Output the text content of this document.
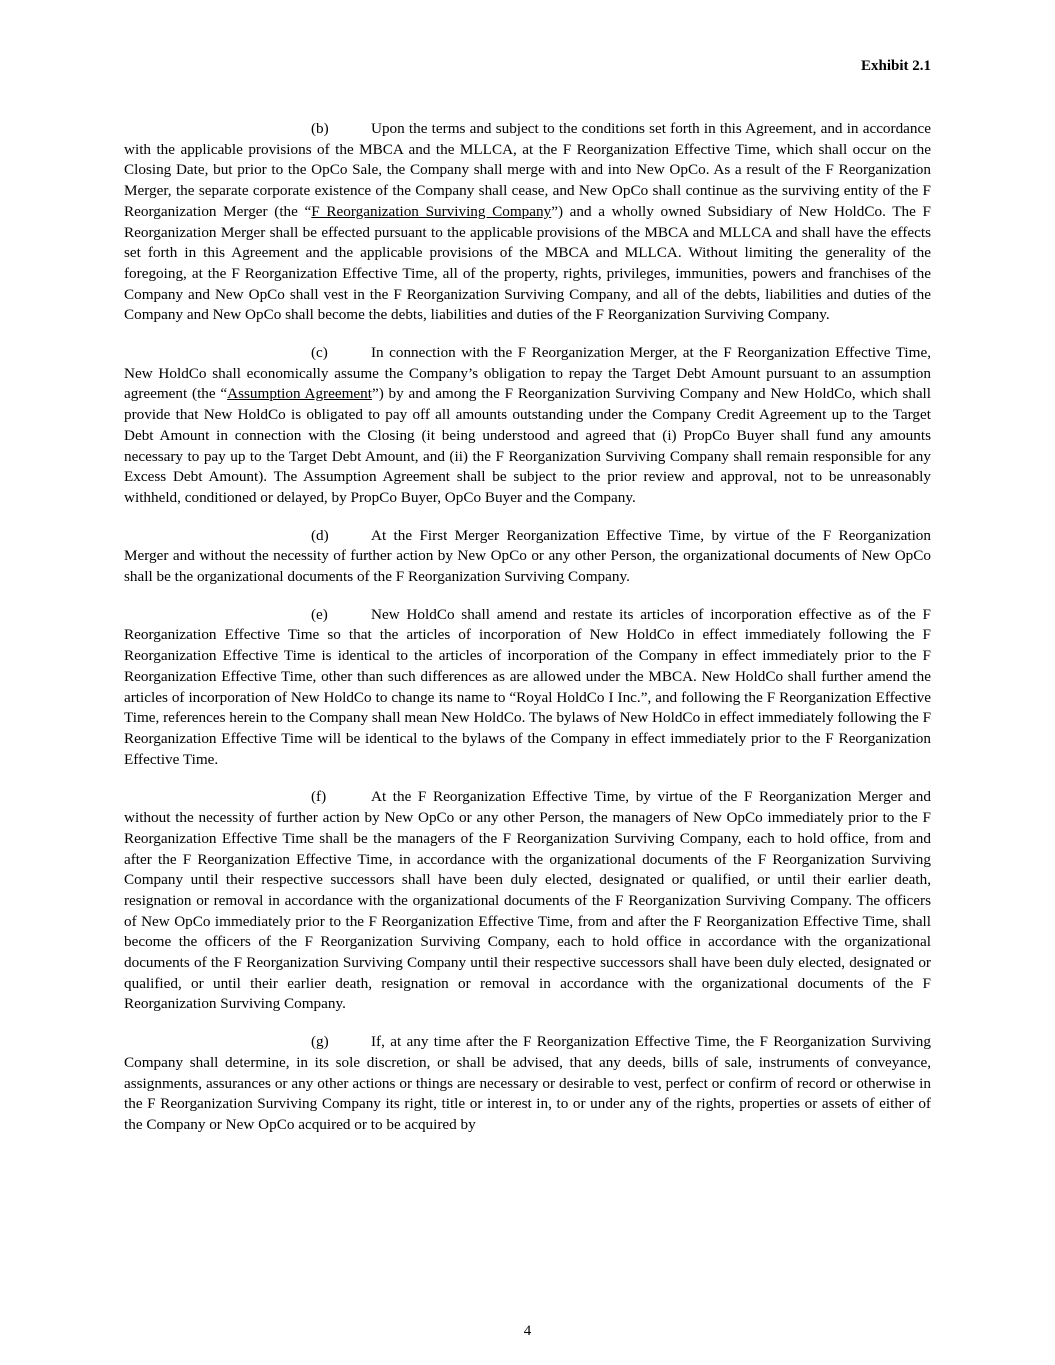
Exhibit 2.1

(b)	Upon the terms and subject to the conditions set forth in this Agreement, and in accordance with the applicable provisions of the MBCA and the MLLCA, at the F Reorganization Effective Time, which shall occur on the Closing Date, but prior to the OpCo Sale, the Company shall merge with and into New OpCo. As a result of the F Reorganization Merger, the separate corporate existence of the Company shall cease, and New OpCo shall continue as the surviving entity of the F Reorganization Merger (the “F Reorganization Surviving Company”) and a wholly owned Subsidiary of New HoldCo. The F Reorganization Merger shall be effected pursuant to the applicable provisions of the MBCA and MLLCA and shall have the effects set forth in this Agreement and the applicable provisions of the MBCA and MLLCA. Without limiting the generality of the foregoing, at the F Reorganization Effective Time, all of the property, rights, privileges, immunities, powers and franchises of the Company and New OpCo shall vest in the F Reorganization Surviving Company, and all of the debts, liabilities and duties of the Company and New OpCo shall become the debts, liabilities and duties of the F Reorganization Surviving Company.

(c)	In connection with the F Reorganization Merger, at the F Reorganization Effective Time, New HoldCo shall economically assume the Company’s obligation to repay the Target Debt Amount pursuant to an assumption agreement (the “Assumption Agreement”) by and among the F Reorganization Surviving Company and New HoldCo, which shall provide that New HoldCo is obligated to pay off all amounts outstanding under the Company Credit Agreement up to the Target Debt Amount in connection with the Closing (it being understood and agreed that (i) PropCo Buyer shall fund any amounts necessary to pay up to the Target Debt Amount, and (ii) the F Reorganization Surviving Company shall remain responsible for any Excess Debt Amount). The Assumption Agreement shall be subject to the prior review and approval, not to be unreasonably withheld, conditioned or delayed, by PropCo Buyer, OpCo Buyer and the Company.

(d)	At the First Merger Reorganization Effective Time, by virtue of the F Reorganization Merger and without the necessity of further action by New OpCo or any other Person, the organizational documents of New OpCo shall be the organizational documents of the F Reorganization Surviving Company.

(e)	New HoldCo shall amend and restate its articles of incorporation effective as of the F Reorganization Effective Time so that the articles of incorporation of New HoldCo in effect immediately following the F Reorganization Effective Time is identical to the articles of incorporation of the Company in effect immediately prior to the F Reorganization Effective Time, other than such differences as are allowed under the MBCA. New HoldCo shall further amend the articles of incorporation of New HoldCo to change its name to “Royal HoldCo I Inc.”, and following the F Reorganization Effective Time, references herein to the Company shall mean New HoldCo. The bylaws of New HoldCo in effect immediately following the F Reorganization Effective Time will be identical to the bylaws of the Company in effect immediately prior to the F Reorganization Effective Time.

(f)	At the F Reorganization Effective Time, by virtue of the F Reorganization Merger and without the necessity of further action by New OpCo or any other Person, the managers of New OpCo immediately prior to the F Reorganization Effective Time shall be the managers of the F Reorganization Surviving Company, each to hold office, from and after the F Reorganization Effective Time, in accordance with the organizational documents of the F Reorganization Surviving Company until their respective successors shall have been duly elected, designated or qualified, or until their earlier death, resignation or removal in accordance with the organizational documents of the F Reorganization Surviving Company. The officers of New OpCo immediately prior to the F Reorganization Effective Time, from and after the F Reorganization Effective Time, shall become the officers of the F Reorganization Surviving Company, each to hold office in accordance with the organizational documents of the F Reorganization Surviving Company until their respective successors shall have been duly elected, designated or qualified, or until their earlier death, resignation or removal in accordance with the organizational documents of the F Reorganization Surviving Company.

(g)	If, at any time after the F Reorganization Effective Time, the F Reorganization Surviving Company shall determine, in its sole discretion, or shall be advised, that any deeds, bills of sale, instruments of conveyance, assignments, assurances or any other actions or things are necessary or desirable to vest, perfect or confirm of record or otherwise in the F Reorganization Surviving Company its right, title or interest in, to or under any of the rights, properties or assets of either of the Company or New OpCo acquired or to be acquired by

4
